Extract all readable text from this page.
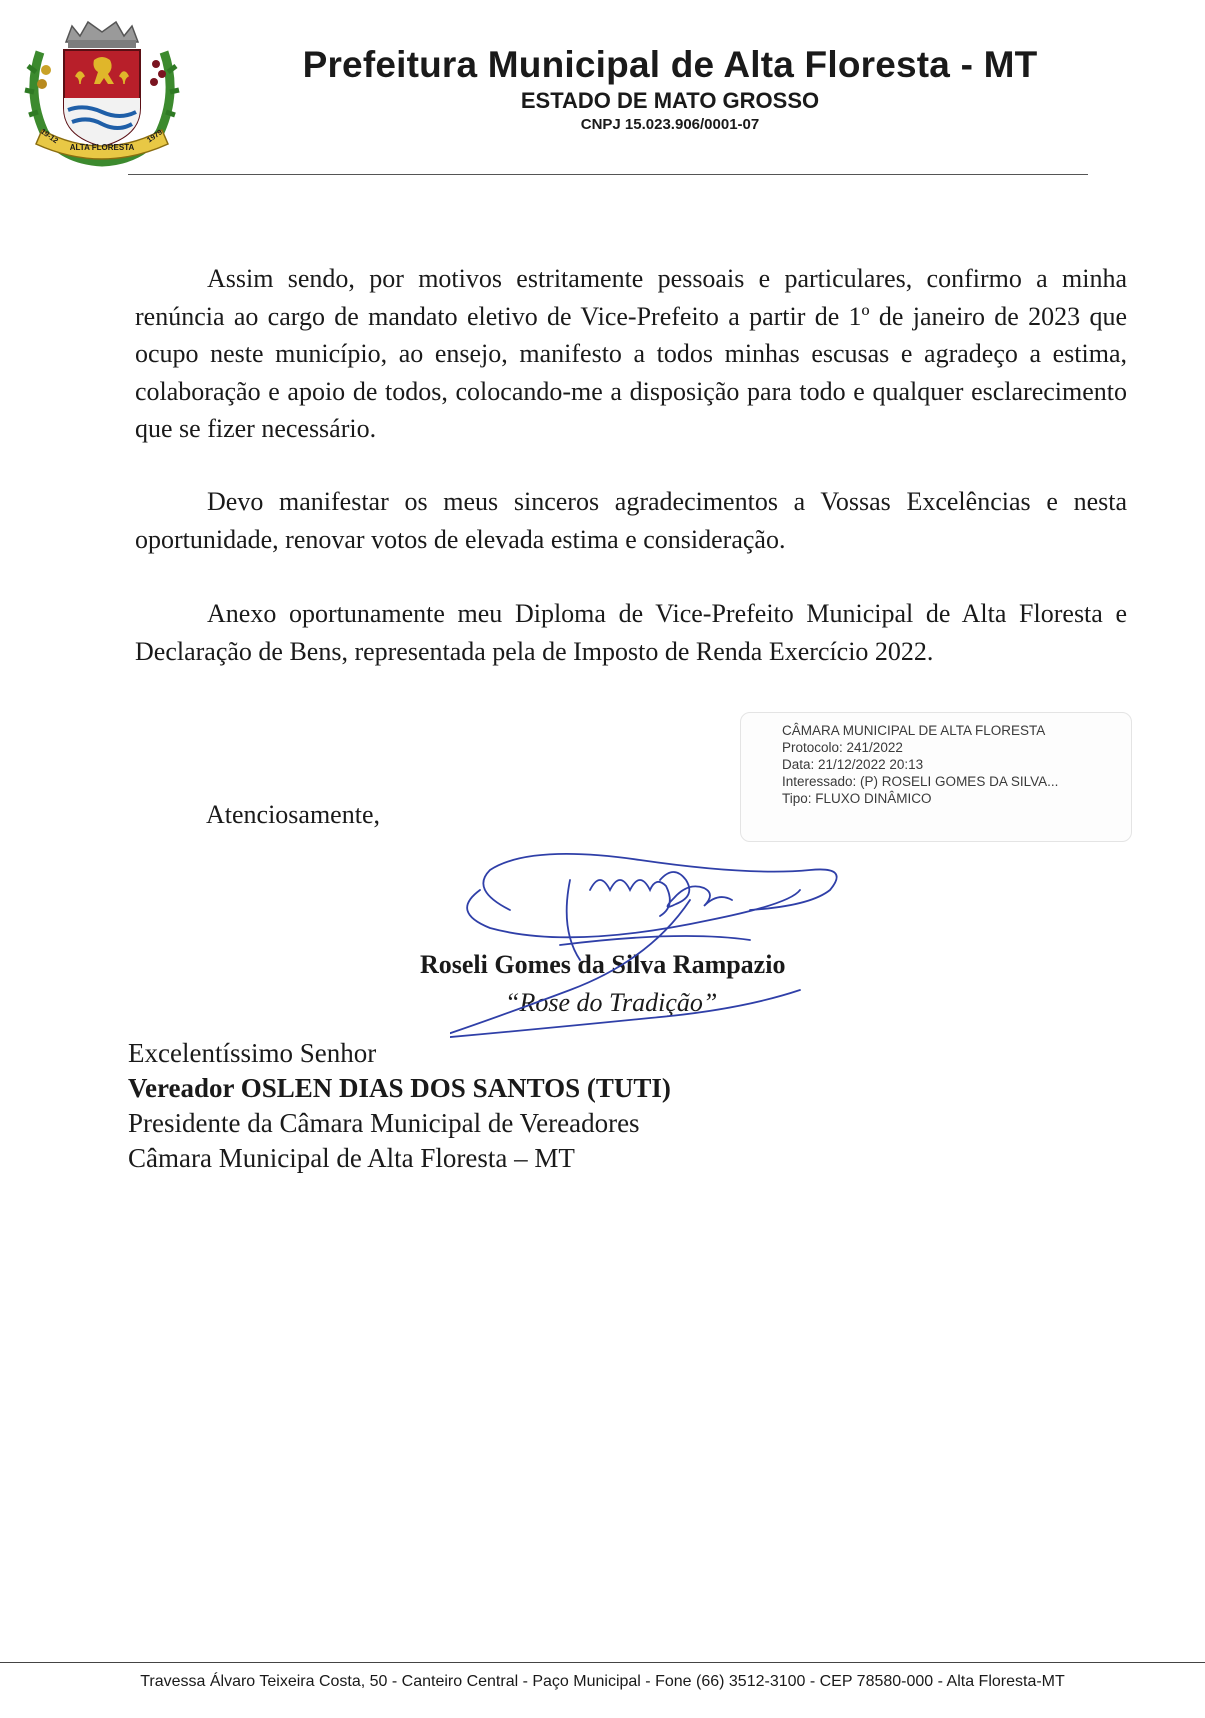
ALTA FLORESTA
19-12	1979
Prefeitura Municipal de Alta Floresta - MT
ESTADO DE MATO GROSSO
CNPJ 15.023.906/0001-07

Assim sendo, por motivos estritamente pessoais e particulares, confirmo a minha renúncia ao cargo de mandato eletivo de Vice-Prefeito a partir de 1º de janeiro de 2023 que ocupo neste município, ao ensejo, manifesto a todos minhas escusas e agradeço a estima, colaboração e apoio de todos, colocando-me a disposição para todo e qualquer esclarecimento que se fizer necessário.

Devo manifestar os meus sinceros agradecimentos a Vossas Excelências e nesta oportunidade, renovar votos de elevada estima e consideração.

Anexo oportunamente meu Diploma de Vice-Prefeito Municipal de Alta Floresta e Declaração de Bens, representada pela de Imposto de Renda Exercício 2022.

CÂMARA MUNICIPAL DE ALTA FLORESTA
Protocolo: 241/2022
Data: 21/12/2022 20:13
Interessado: (P) ROSELI GOMES DA SILVA...
Tipo: FLUXO DINÂMICO
Atenciosamente,
Roseli Gomes da Silva Rampazio
“Rose do Tradição”
Excelentíssimo Senhor
Vereador OSLEN DIAS DOS SANTOS (TUTI)
Presidente da Câmara Municipal de Vereadores
Câmara Municipal de Alta Floresta – MT
Travessa Álvaro Teixeira Costa, 50 - Canteiro Central - Paço Municipal - Fone (66) 3512-3100 - CEP 78580-000 - Alta Floresta-MT
